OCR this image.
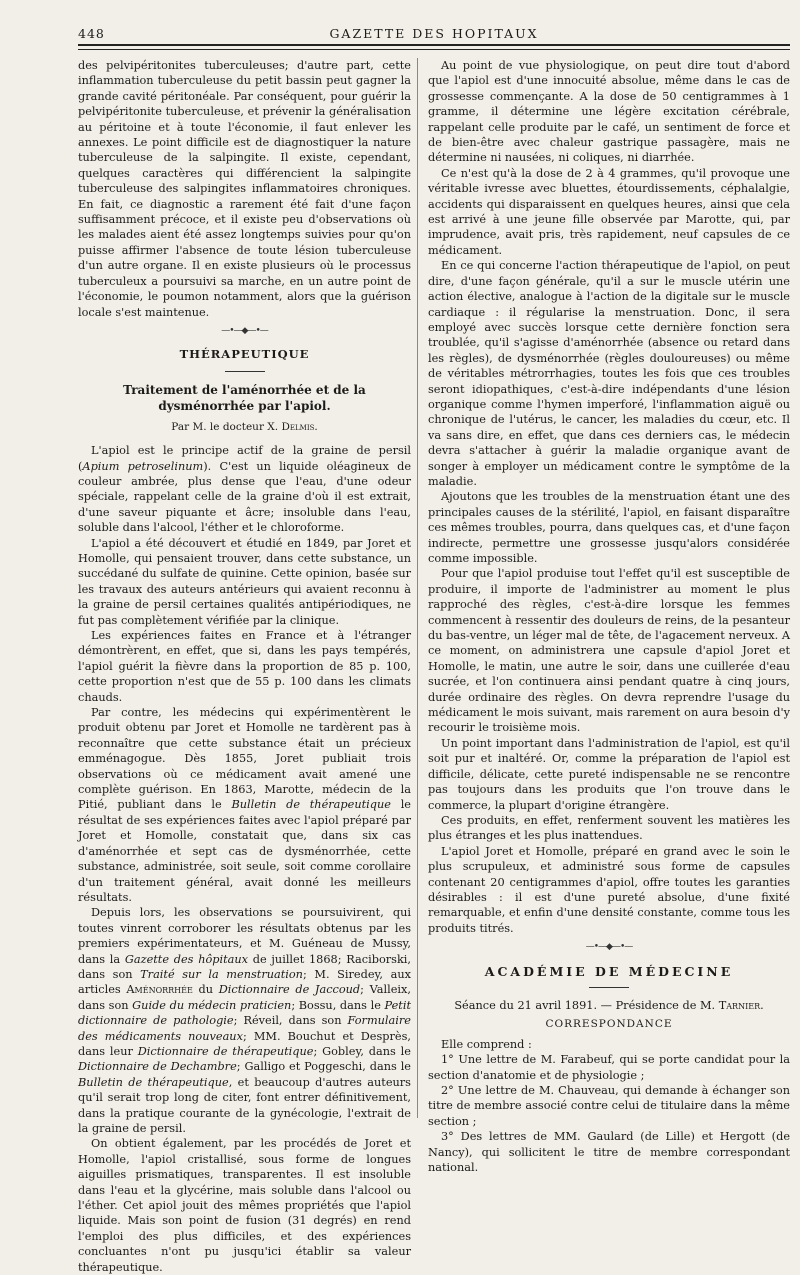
448	GAZETTE DES HOPITAUX

des pelvipéritonites tuberculeuses; d'autre part, cette inflammation tuberculeuse du petit bassin peut gagner la grande cavité péritonéale. Par conséquent, pour guérir la pelvipéritonite tuberculeuse, et prévenir la généralisation au péritoine et à toute l'économie, il faut enlever les annexes. Le point difficile est de diagnostiquer la nature tuberculeuse de la salpingite. Il existe, cependant, quelques caractères qui différencient la salpingite tuberculeuse des salpingites inflammatoires chroniques. En fait, ce diagnostic a rarement été fait d'une façon suffisamment précoce, et il existe peu d'observations où les malades aient été assez longtemps suivies pour qu'on puisse affirmer l'absence de toute lésion tuberculeuse d'un autre organe. Il en existe plusieurs où le processus tuberculeux a poursuivi sa marche, en un autre point de l'économie, le poumon notamment, alors que la guérison locale s'est maintenue.

—•—◆—•—
THÉRAPEUTIQUE
Traitement de l'aménorrhée et de la dysménorrhée par l'apiol.
Par M. le docteur X. Delmis.

L'apiol est le principe actif de la graine de persil (Apium petroselinum). C'est un liquide oléagineux de couleur ambrée, plus dense que l'eau, d'une odeur spéciale, rappelant celle de la graine d'où il est extrait, d'une saveur piquante et âcre; insoluble dans l'eau, soluble dans l'alcool, l'éther et le chloroforme.

L'apiol a été découvert et étudié en 1849, par Joret et Homolle, qui pensaient trouver, dans cette substance, un succédané du sulfate de quinine. Cette opinion, basée sur les travaux des auteurs antérieurs qui avaient reconnu à la graine de persil certaines qualités antipériodiques, ne fut pas complètement vérifiée par la clinique.

Les expériences faites en France et à l'étranger démontrèrent, en effet, que si, dans les pays tempérés, l'apiol guérit la fièvre dans la proportion de 85 p. 100, cette proportion n'est que de 55 p. 100 dans les climats chauds.

Par contre, les médecins qui expérimentèrent le produit obtenu par Joret et Homolle ne tardèrent pas à reconnaître que cette substance était un précieux emménagogue. Dès 1855, Joret publiait trois observations où ce médicament avait amené une complète guérison. En 1863, Marotte, médecin de la Pitié, publiant dans le Bulletin de thérapeutique le résultat de ses expériences faites avec l'apiol préparé par Joret et Homolle, constatait que, dans six cas d'aménorrhée et sept cas de dysménorrhée, cette substance, administrée, soit seule, soit comme corollaire d'un traitement général, avait donné les meilleurs résultats.

Depuis lors, les observations se poursuivirent, qui toutes vinrent corroborer les résultats obtenus par les premiers expérimentateurs, et M. Guéneau de Mussy, dans la Gazette des hôpitaux de juillet 1868; Raciborski, dans son Traité sur la menstruation; M. Siredey, aux articles Aménorrhée du Dictionnaire de Jaccoud; Valleix, dans son Guide du médecin praticien; Bossu, dans le Petit dictionnaire de pathologie; Réveil, dans son Formulaire des médicaments nouveaux; MM. Bouchut et Desprès, dans leur Dictionnaire de thérapeutique; Gobley, dans le Dictionnaire de Dechambre; Galligo et Poggeschi, dans le Bulletin de thérapeutique, et beaucoup d'autres auteurs qu'il serait trop long de citer, font entrer définitivement, dans la pratique courante de la gynécologie, l'extrait de la graine de persil.

On obtient également, par les procédés de Joret et Homolle, l'apiol cristallisé, sous forme de longues aiguilles prismatiques, transparentes. Il est insoluble dans l'eau et la glycérine, mais soluble dans l'alcool ou l'éther. Cet apiol jouit des mêmes propriétés que l'apiol liquide. Mais son point de fusion (31 degrés) en rend l'emploi des plus difficiles, et des expériences concluantes n'ont pu jusqu'ici établir sa valeur thérapeutique.

Au point de vue physiologique, on peut dire tout d'abord que l'apiol est d'une innocuité absolue, même dans le cas de grossesse commençante. A la dose de 50 centigrammes à 1 gramme, il détermine une légère excitation cérébrale, rappelant celle produite par le café, un sentiment de force et de bien-être avec chaleur gastrique passagère, mais ne détermine ni nausées, ni coliques, ni diarrhée.

Ce n'est qu'à la dose de 2 à 4 grammes, qu'il provoque une véritable ivresse avec bluettes, étourdissements, céphalalgie, accidents qui disparaissent en quelques heures, ainsi que cela est arrivé à une jeune fille observée par Marotte, qui, par imprudence, avait pris, très rapidement, neuf capsules de ce médicament.

En ce qui concerne l'action thérapeutique de l'apiol, on peut dire, d'une façon générale, qu'il a sur le muscle utérin une action élective, analogue à l'action de la digitale sur le muscle cardiaque : il régularise la menstruation. Donc, il sera employé avec succès lorsque cette dernière fonction sera troublée, qu'il s'agisse d'aménorrhée (absence ou retard dans les règles), de dysménorrhée (règles douloureuses) ou même de véritables métrorrhagies, toutes les fois que ces troubles seront idiopathiques, c'est-à-dire indépendants d'une lésion organique comme l'hymen imperforé, l'inflammation aiguë ou chronique de l'utérus, le cancer, les maladies du cœur, etc. Il va sans dire, en effet, que dans ces derniers cas, le médecin devra s'attacher à guérir la maladie organique avant de songer à employer un médicament contre le symptôme de la maladie.

Ajoutons que les troubles de la menstruation étant une des principales causes de la stérilité, l'apiol, en faisant disparaître ces mêmes troubles, pourra, dans quelques cas, et d'une façon indirecte, permettre une grossesse jusqu'alors considérée comme impossible.

Pour que l'apiol produise tout l'effet qu'il est susceptible de produire, il importe de l'administrer au moment le plus rapproché des règles, c'est-à-dire lorsque les femmes commencent à ressentir des douleurs de reins, de la pesanteur du bas-ventre, un léger mal de tête, de l'agacement nerveux. A ce moment, on administrera une capsule d'apiol Joret et Homolle, le matin, une autre le soir, dans une cuillerée d'eau sucrée, et l'on continuera ainsi pendant quatre à cinq jours, durée ordinaire des règles. On devra reprendre l'usage du médicament le mois suivant, mais rarement on aura besoin d'y recourir le troisième mois.

Un point important dans l'administration de l'apiol, est qu'il soit pur et inaltéré. Or, comme la préparation de l'apiol est difficile, délicate, cette pureté indispensable ne se rencontre pas toujours dans les produits que l'on trouve dans le commerce, la plupart d'origine étrangère.

Ces produits, en effet, renferment souvent les matières les plus étranges et les plus inattendues.

L'apiol Joret et Homolle, préparé en grand avec le soin le plus scrupuleux, et administré sous forme de capsules contenant 20 centigrammes d'apiol, offre toutes les garanties désirables : il est d'une pureté absolue, d'une fixité remarquable, et enfin d'une densité constante, comme tous les produits titrés.

—•—◆—•—
ACADÉMIE DE MÉDECINE
Séance du 21 avril 1891. — Présidence de M. Tarnier.
CORRESPONDANCE

Elle comprend :

1° Une lettre de M. Farabeuf, qui se porte candidat pour la section d'anatomie et de physiologie ;

2° Une lettre de M. Chauveau, qui demande à échanger son titre de membre associé contre celui de titulaire dans la même section ;

3° Des lettres de MM. Gaulard (de Lille) et Hergott (de Nancy), qui sollicitent le titre de membre correspondant national.
